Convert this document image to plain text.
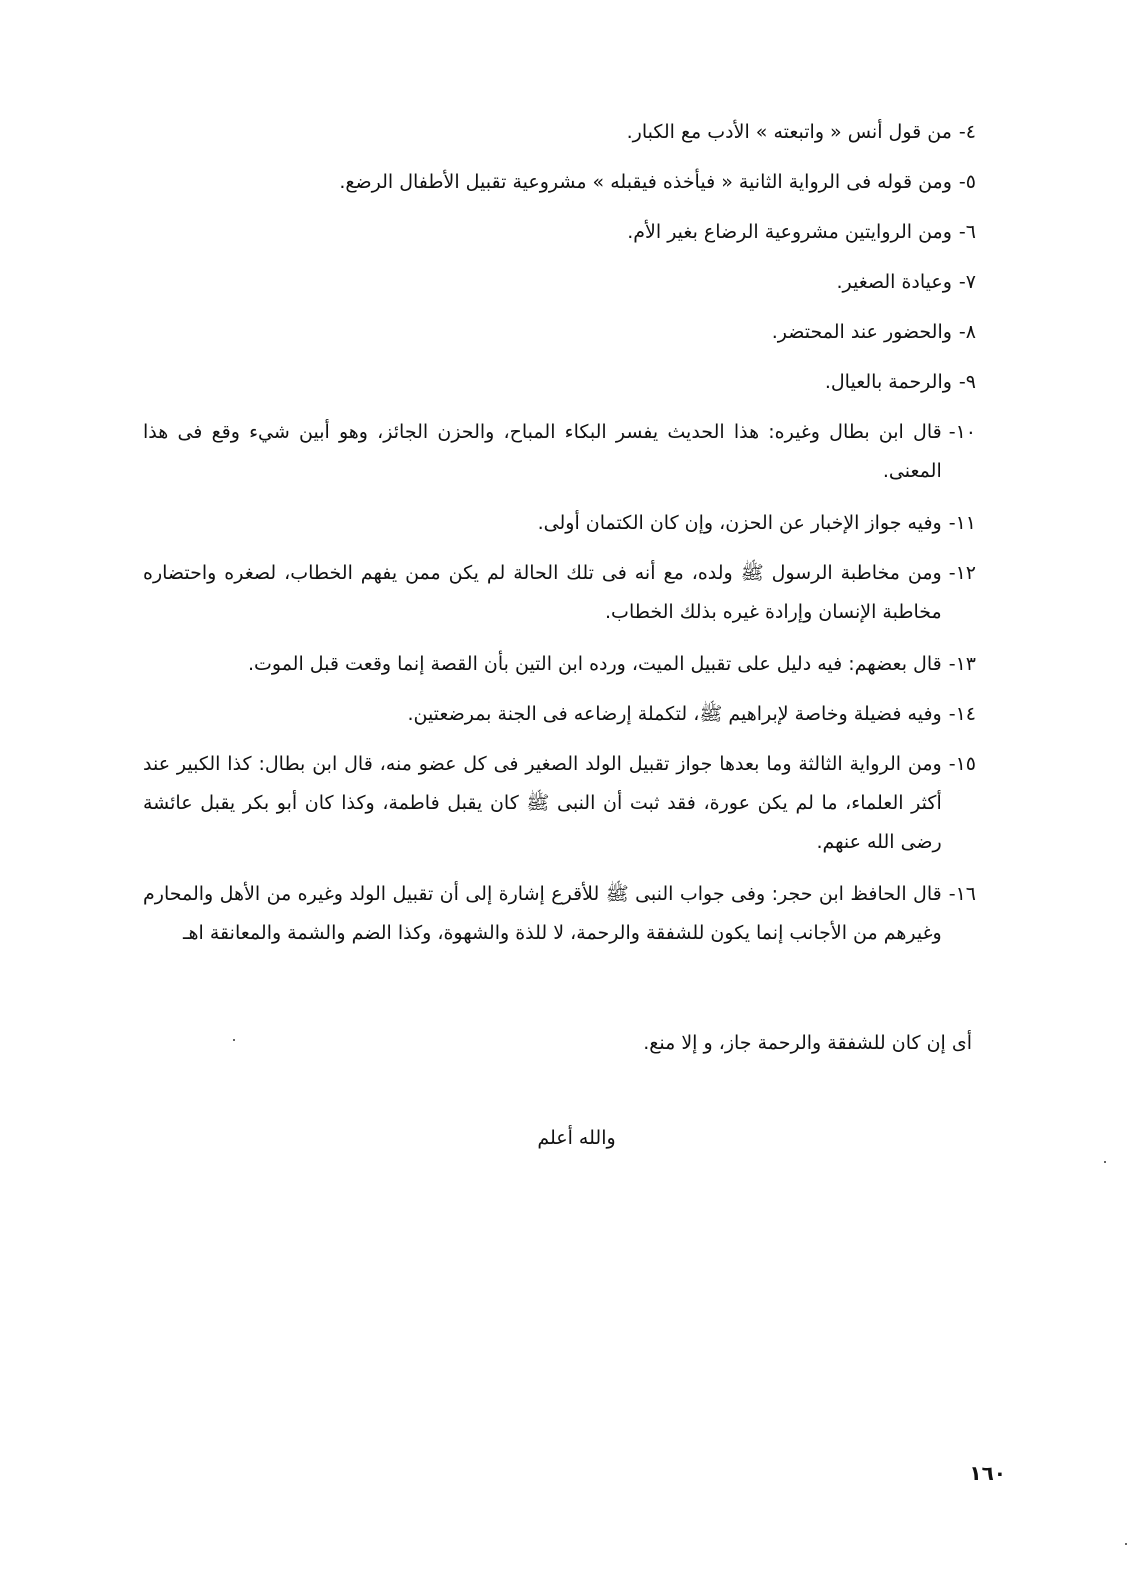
٤-
من قول أنس « واتبعته » الأدب مع الكبار.
٥-
ومن قوله فى الرواية الثانية « فيأخذه فيقبله » مشروعية تقبيل الأطفال الرضع.
٦-
ومن الروايتين مشروعية الرضاع بغير الأم.
٧-
وعيادة الصغير.
٨-
والحضور عند المحتضر.
٩-
والرحمة بالعيال.
١٠-
قال ابن بطال وغيره: هذا الحديث يفسر البكاء المباح، والحزن الجائز، وهو أبين شيء وقع فى هذا المعنى.
١١-
وفيه جواز الإخبار عن الحزن، وإن كان الكتمان أولى.
١٢-
ومن مخاطبة الرسول ﷺ ولده، مع أنه فى تلك الحالة لم يكن ممن يفهم الخطاب، لصغره واحتضاره مخاطبة الإنسان وإرادة غيره بذلك الخطاب.
١٣-
قال بعضهم: فيه دليل على تقبيل الميت، ورده ابن التين بأن القصة إنما وقعت قبل الموت.
١٤-
وفيه فضيلة وخاصة لإبراهيم ﷺ، لتكملة إرضاعه فى الجنة بمرضعتين.
١٥-
ومن الرواية الثالثة وما بعدها جواز تقبيل الولد الصغير فى كل عضو منه، قال ابن بطال: كذا الكبير عند أكثر العلماء، ما لم يكن عورة، فقد ثبت أن النبى ﷺ كان يقبل فاطمة، وكذا كان أبو بكر يقبل عائشة رضى الله عنهم.
١٦-
قال الحافظ ابن حجر: وفى جواب النبى ﷺ للأقرع إشارة إلى أن تقبيل الولد وغيره من الأهل والمحارم وغيرهم من الأجانب إنما يكون للشفقة والرحمة، لا للذة والشهوة، وكذا الضم والشمة والمعانقة اهـ
أى إن كان للشفقة والرحمة جاز، و إلا منع.
والله أعلم
١٦٠
